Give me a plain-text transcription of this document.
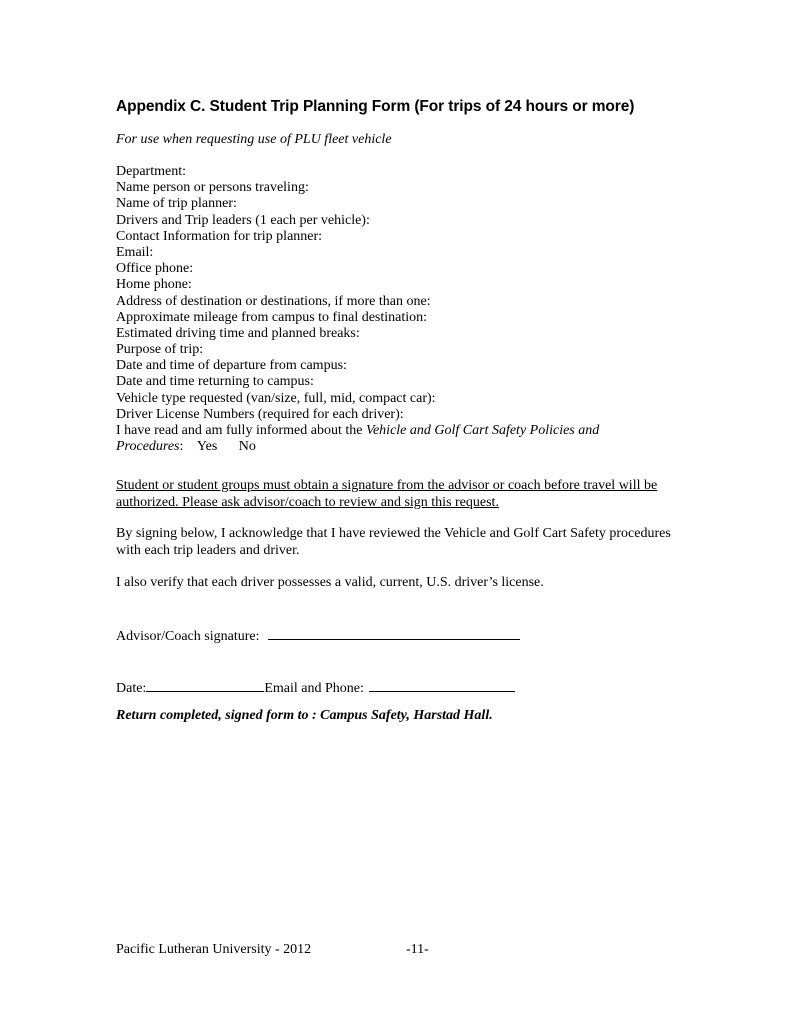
Appendix C. Student Trip Planning Form (For trips of 24 hours or more)
For use when requesting use of PLU fleet vehicle
Department:
Name person or persons traveling:
Name of trip planner:
Drivers and Trip leaders (1 each per vehicle):
Contact Information for trip planner:
Email:
Office phone:
Home phone:
Address of destination or destinations, if more than one:
Approximate mileage from campus to final destination:
Estimated driving time and planned breaks:
Purpose of trip:
Date and time of departure from campus:
Date and time returning to campus:
Vehicle type requested (van/size, full, mid, compact car):
Driver License Numbers (required for each driver):
I have read and am fully informed about the Vehicle and Golf Cart Safety Policies and
Procedures: Yes No
Student or student groups must obtain a signature from the advisor or coach before travel will be authorized. Please ask advisor/coach to review and sign this request.
By signing below, I acknowledge that I have reviewed the Vehicle and Golf Cart Safety procedures with each trip leaders and driver.
I also verify that each driver possesses a valid, current, U.S. driver’s license.
Advisor/Coach signature:
Date:	Email and Phone:
Return completed, signed form to : Campus Safety, Harstad Hall.
Pacific Lutheran University - 2012	-11-
